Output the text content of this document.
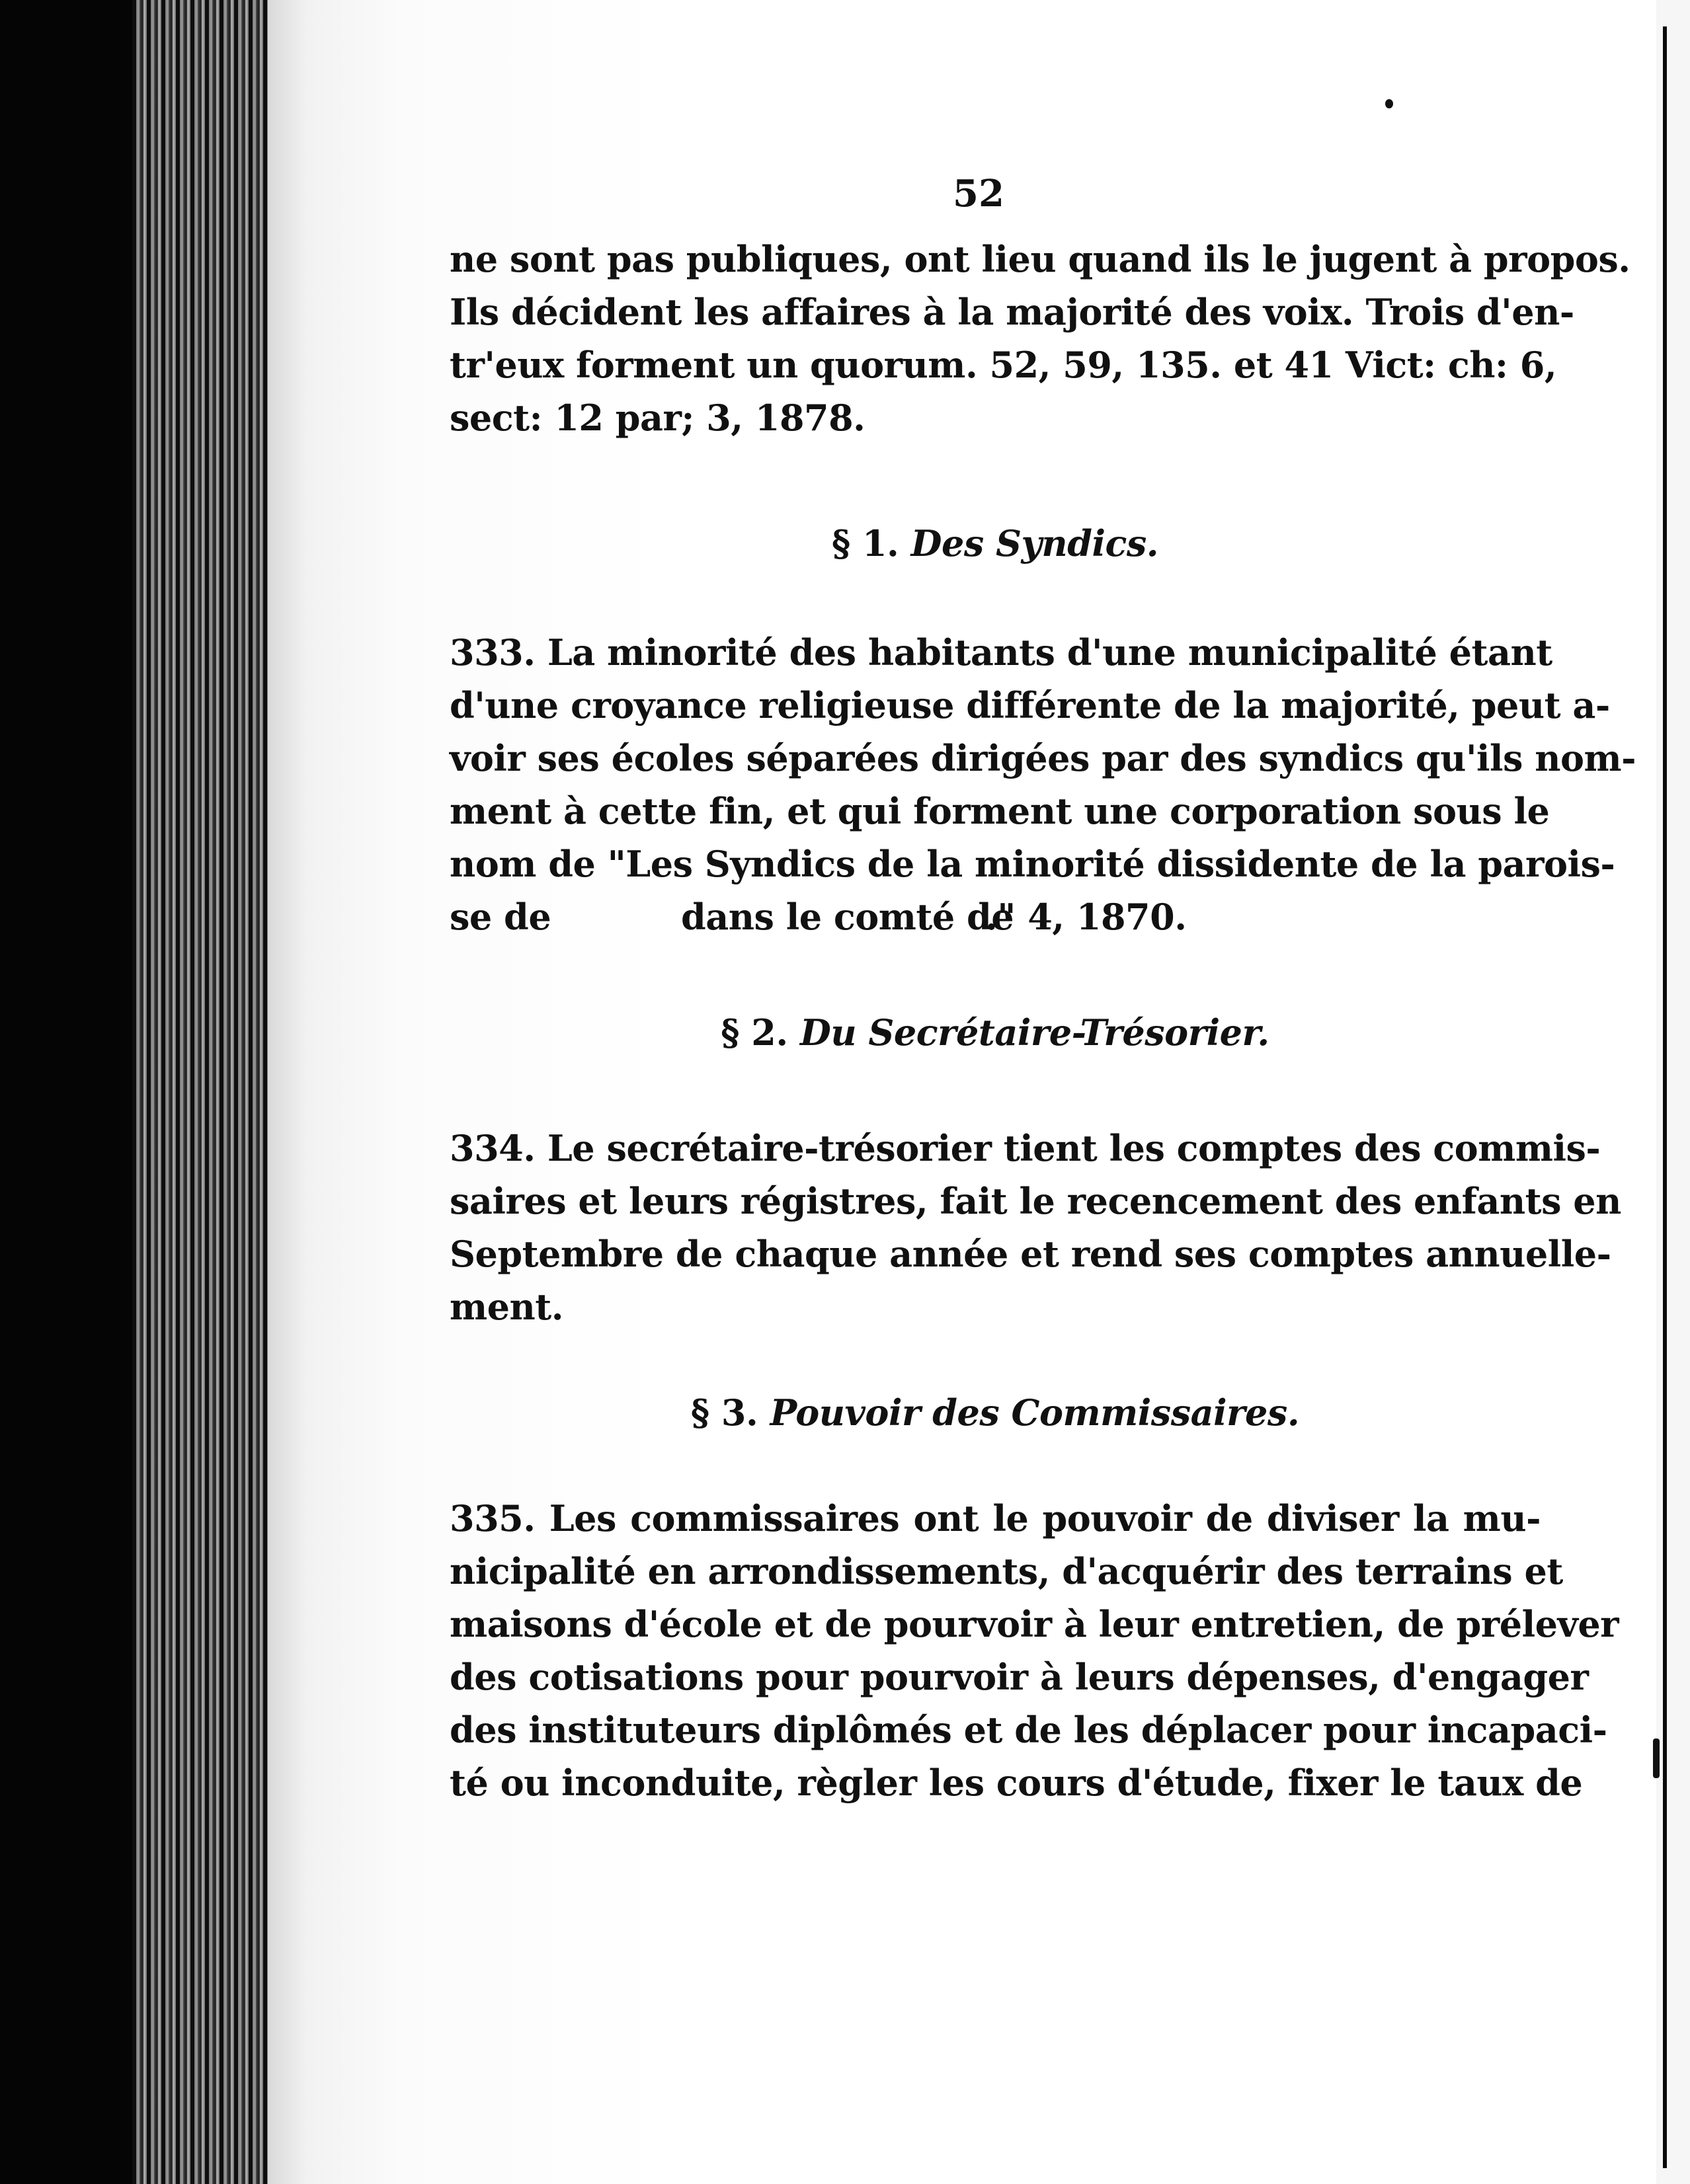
52
ne sont pas publiques, ont lieu quand ils le jugent à propos.
Ils décident les affaires à la majorité des voix. Trois d'en-
tr'eux forment un quorum. 52, 59, 135. et 41 Vict: ch: 6,
sect: 12 par; 3, 1878.
§ 1. Des Syndics.
333. La minorité des habitants d'une municipalité étant
d'une croyance religieuse différente de la majorité, peut a-
voir ses écoles séparées dirigées par des syndics qu'ils nom-
ment à cette fin, et qui forment une corporation sous le
nom de "Les Syndics de la minorité dissidente de la parois-
se de	dans le comté de
." 4, 1870.
§ 2. Du Secrétaire-Trésorier.
334. Le secrétaire-trésorier tient les comptes des commis-
saires et leurs régistres, fait le recencement des enfants en
Septembre de chaque année et rend ses comptes annuelle-
ment.
§ 3. Pouvoir des Commissaires.
335. Les commissaires ont le pouvoir de diviser la mu-
nicipalité en arrondissements, d'acquérir des terrains et
maisons d'école et de pourvoir à leur entretien, de prélever
des cotisations pour pourvoir à leurs dépenses, d'engager
des instituteurs diplômés et de les déplacer pour incapaci-
té ou inconduite, règler les cours d'étude, fixer le taux de
